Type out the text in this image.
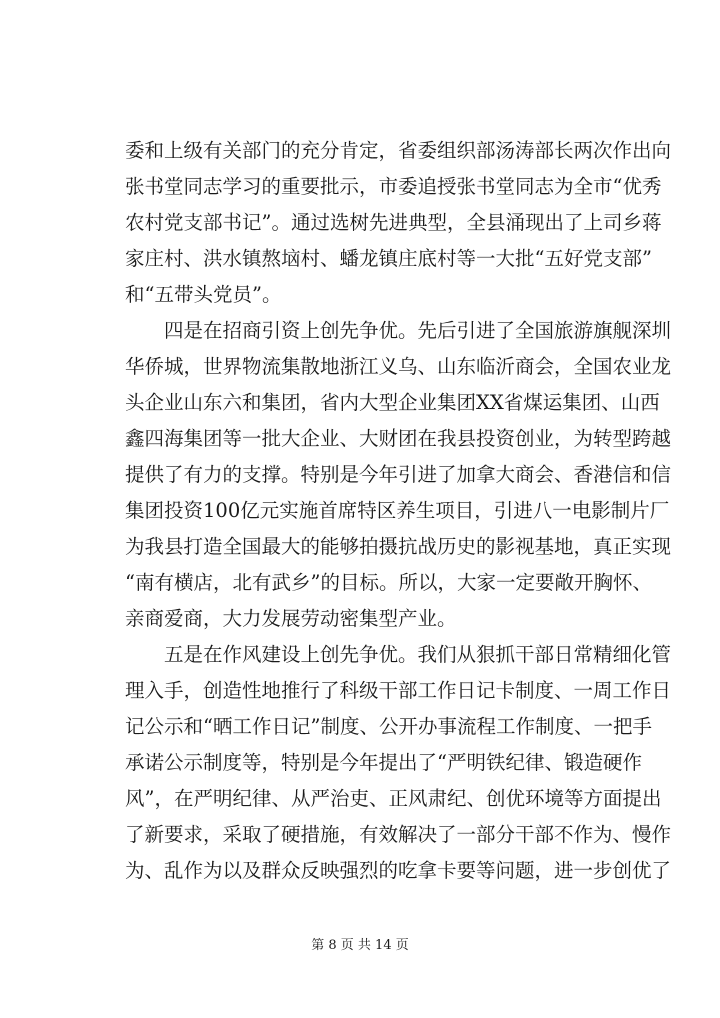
委和上级有关部门的充分肯定，省委组织部汤涛部长两次作出向
张书堂同志学习的重要批示，市委追授张书堂同志为全市“优秀
农村党支部书记”。通过选树先进典型，全县涌现出了上司乡蒋
家庄村、洪水镇熬垴村、蟠龙镇庄底村等一大批“五好党支部”
和“五带头党员”。
　　四是在招商引资上创先争优。先后引进了全国旅游旗舰深圳
华侨城，世界物流集散地浙江义乌、山东临沂商会，全国农业龙
头企业山东六和集团，省内大型企业集团XX省煤运集团、山西
鑫四海集团等一批大企业、大财团在我县投资创业，为转型跨越
提供了有力的支撑。特别是今年引进了加拿大商会、香港信和信
集团投资100亿元实施首席特区养生项目，引进八一电影制片厂
为我县打造全国最大的能够拍摄抗战历史的影视基地，真正实现
“南有横店，北有武乡”的目标。所以，大家一定要敞开胸怀、
亲商爱商，大力发展劳动密集型产业。
　　五是在作风建设上创先争优。我们从狠抓干部日常精细化管
理入手，创造性地推行了科级干部工作日记卡制度、一周工作日
记公示和“晒工作日记”制度、公开办事流程工作制度、一把手
承诺公示制度等，特别是今年提出了“严明铁纪律、锻造硬作
风”，在严明纪律、从严治吏、正风肃纪、创优环境等方面提出
了新要求，采取了硬措施，有效解决了一部分干部不作为、慢作
为、乱作为以及群众反映强烈的吃拿卡要等问题，进一步创优了
第 8 页 共 14 页
